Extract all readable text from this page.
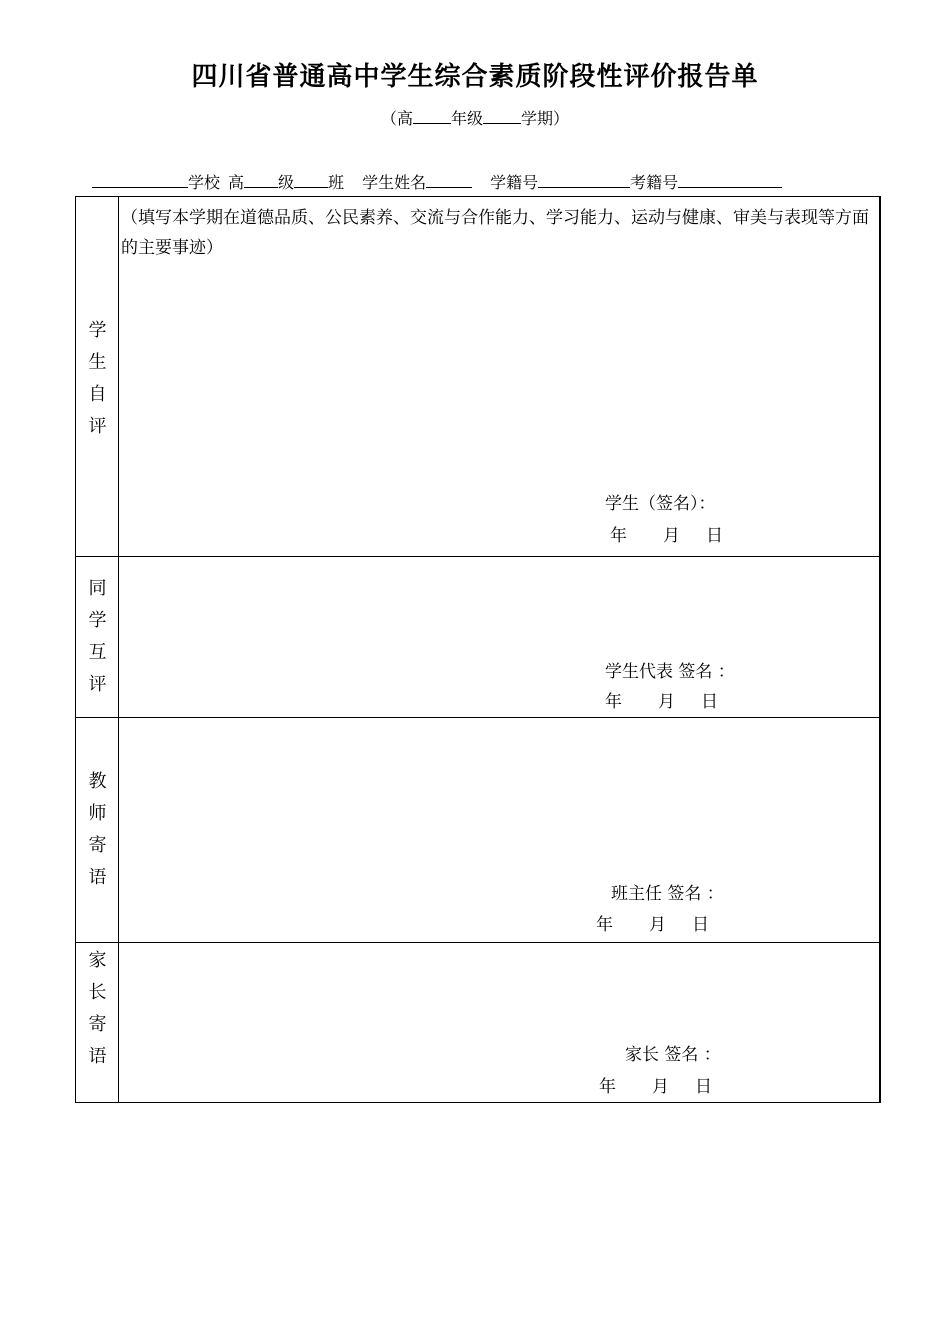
四川省普通高中学生综合素质阶段性评价报告单
（高 年级 学期）
学校 高 级 班 学生姓名	学籍号	考籍号
学
生
自
评
（填写本学期在道德品质、公民素养、交流与合作能力、学习能力、运动与健康、审美与表现等方面的主要事迹）
学生（签名）：
年 月 日
同
学
互
评
学生代表 签名 ：
年 月 日
教
师
寄
语
班主任 签名 ：
年 月 日
家
长
寄
语	家长 签名 ：
年 月 日
